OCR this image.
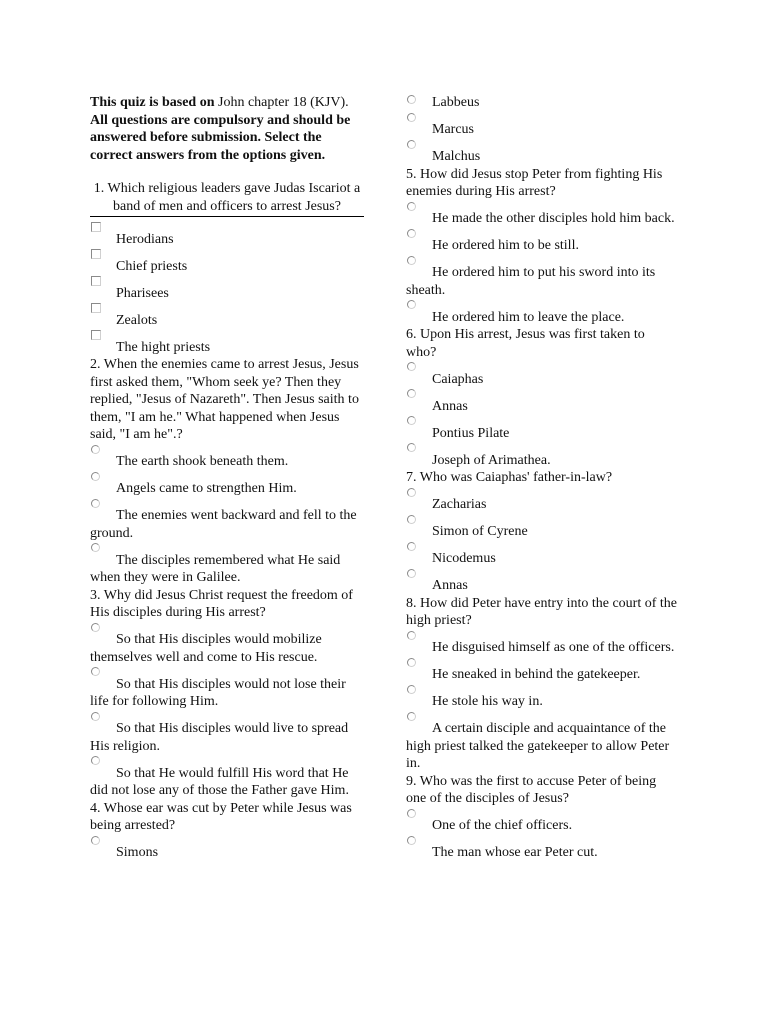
This quiz is based on John chapter 18 (KJV). All questions are compulsory and should be answered before submission. Select the correct answers from the options given.

1. Which religious leaders gave Judas Iscariot a band of men and officers to arrest Jesus?
Herodians
Chief priests
Pharisees
Zealots
The hight priests

2. When the enemies came to arrest Jesus, Jesus first asked them, "Whom seek ye? Then they replied, "Jesus of Nazareth". Then Jesus saith to them, "I am he." What happened when Jesus said, "I am he".?

The earth shook beneath them.
Angels came to strengthen Him.
The enemies went backward and fell to the ground.
The disciples remembered what He said when they were in Galilee.

3. Why did Jesus Christ request the freedom of His disciples during His arrest?

So that His disciples would mobilize themselves well and come to His rescue.
So that His disciples would not lose their life for following Him.
So that His disciples would live to spread His religion.
So that He would fulfill His word that He did not lose any of those the Father gave Him.

4. Whose ear was cut by Peter while Jesus was being arrested?

Simons
Labbeus
Marcus
Malchus

5. How did Jesus stop Peter from fighting His enemies during His arrest?

He made the other disciples hold him back.
He ordered him to be still.
He ordered him to put his sword into its sheath.
He ordered him to leave the place.

6. Upon His arrest, Jesus was first taken to who?

Caiaphas
Annas
Pontius Pilate
Joseph of Arimathea.

7. Who was Caiaphas' father-in-law?

Zacharias
Simon of Cyrene
Nicodemus
Annas

8. How did Peter have entry into the court of the high priest?

He disguised himself as one of the officers.
He sneaked in behind the gatekeeper.
He stole his way in.
A certain disciple and acquaintance of the high priest talked the gatekeeper to allow Peter in.

9. Who was the first to accuse Peter of being one of the disciples of Jesus?

One of the chief officers.
The man whose ear Peter cut.
